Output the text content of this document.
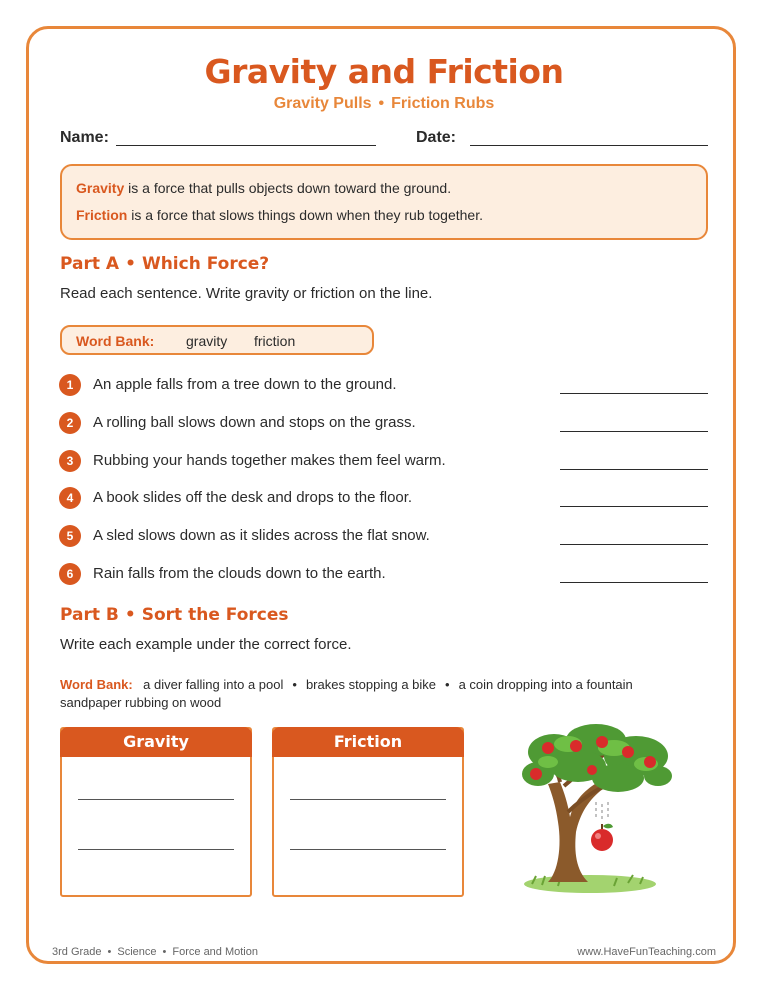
Gravity and Friction
Gravity Pulls • Friction Rubs
Name:	Date:
Gravity is a force that pulls objects down toward the ground.
Friction is a force that slows things down when they rub together.
Part A • Which Force?
Read each sentence. Write gravity or friction on the line.
Word Bank: gravity friction
1	An apple falls from a tree down to the ground.
2	A rolling ball slows down and stops on the grass.
3	Rubbing your hands together makes them feel warm.
4	A book slides off the desk and drops to the floor.
5	A sled slows down as it slides across the flat snow.
6	Rain falls from the clouds down to the earth.
Part B • Sort the Forces
Write each example under the correct force.
Word Bank: a diver falling into a pool • brakes stopping a bike • a coin dropping into a fountain
sandpaper rubbing on wood
Gravity	Friction
3rd Grade • Science • Force and Motion	www.HaveFunTeaching.com
